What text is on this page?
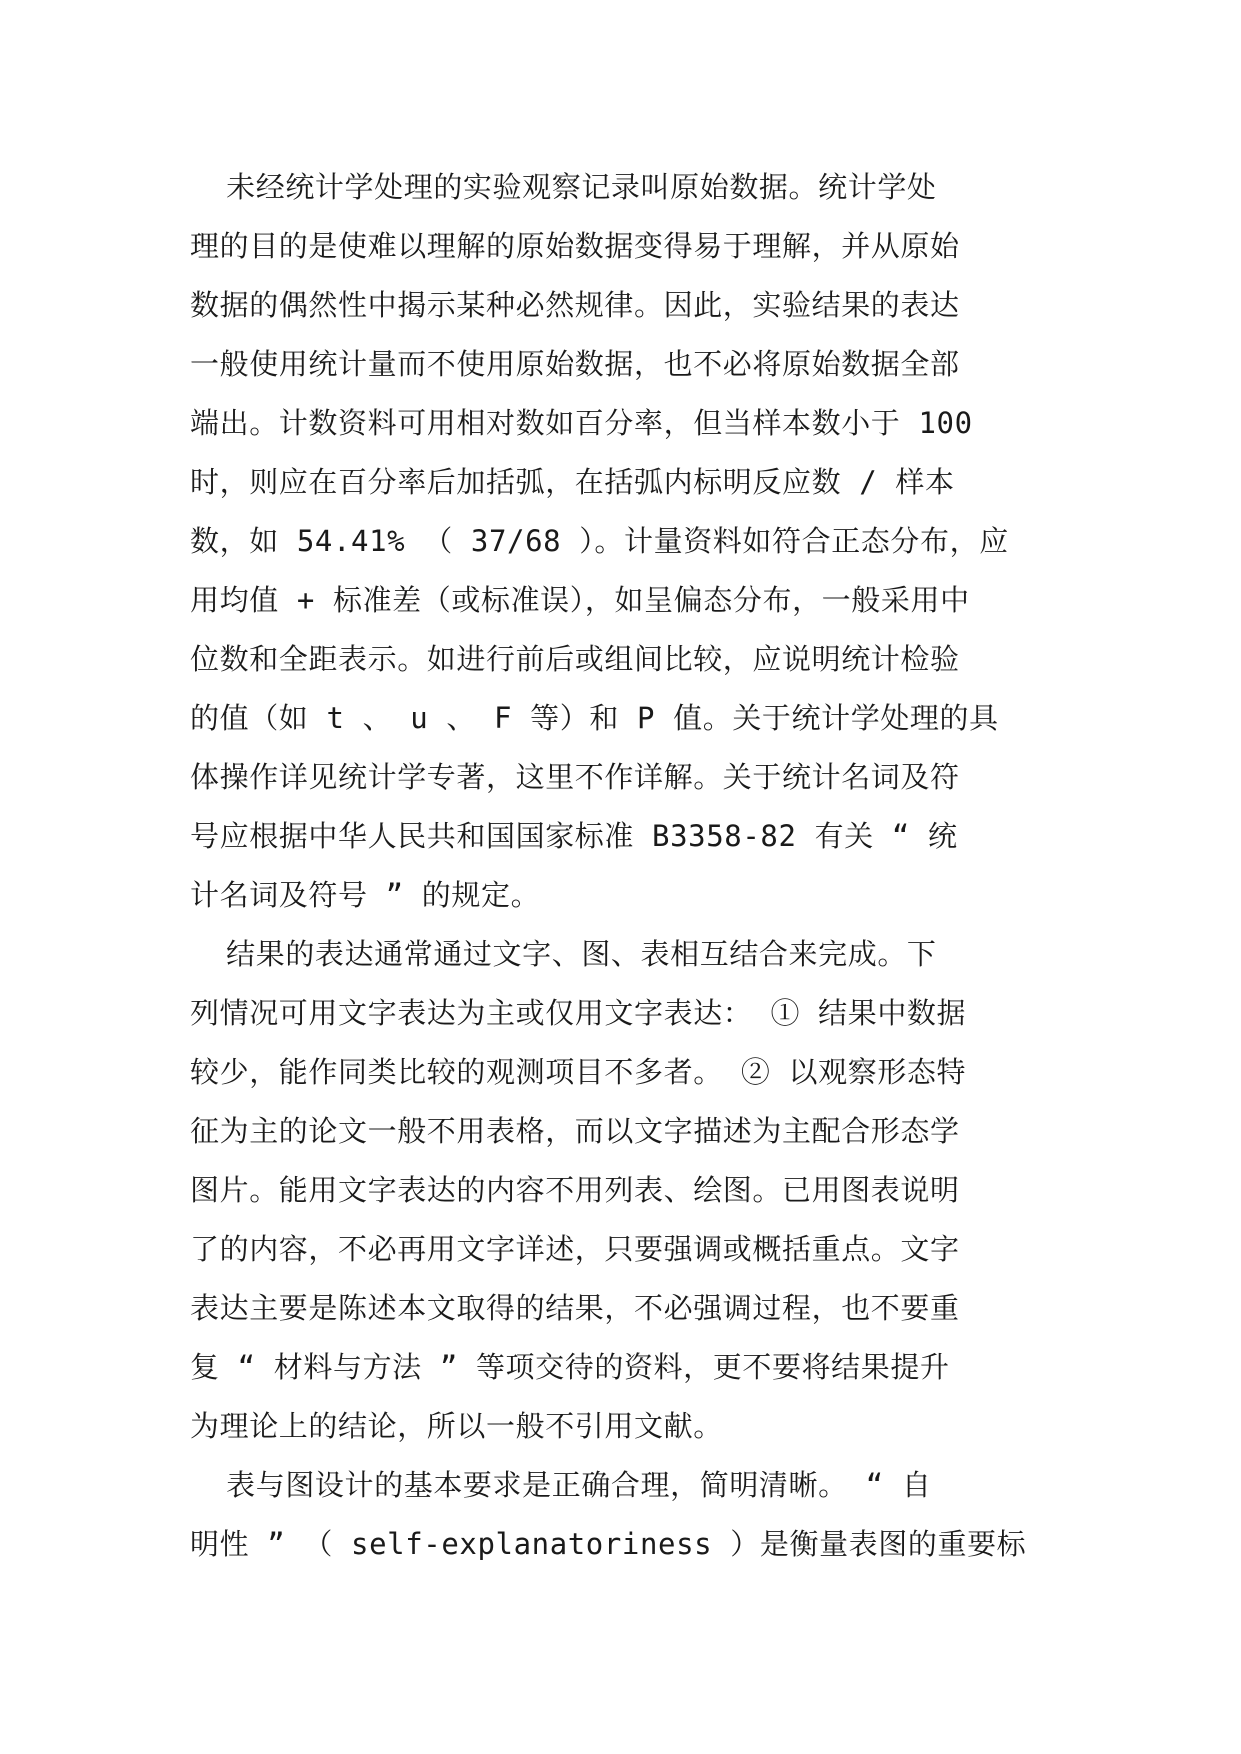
未经统计学处理的实验观察记录叫原始数据。统计学处
理的目的是使难以理解的原始数据变得易于理解，并从原始
数据的偶然性中揭示某种必然规律。因此，实验结果的表达
一般使用统计量而不使用原始数据，也不必将原始数据全部
端出。计数资料可用相对数如百分率，但当样本数小于 100
时，则应在百分率后加括弧，在括弧内标明反应数 / 样本
数，如 54.41% （ 37/68 ）。计量资料如符合正态分布，应
用均值 + 标准差（或标准误），如呈偏态分布，一般采用中
位数和全距表示。如进行前后或组间比较，应说明统计检验
的值（如 t 、 u 、 F 等）和 P 值。关于统计学处理的具
体操作详见统计学专著，这里不作详解。关于统计名词及符
号应根据中华人民共和国国家标准 B3358-82 有关 “ 统
计名词及符号 ” 的规定。
结果的表达通常通过文字、图、表相互结合来完成。下
列情况可用文字表达为主或仅用文字表达： ① 结果中数据
较少，能作同类比较的观测项目不多者。 ② 以观察形态特
征为主的论文一般不用表格，而以文字描述为主配合形态学
图片。能用文字表达的内容不用列表、绘图。已用图表说明
了的内容，不必再用文字详述，只要强调或概括重点。文字
表达主要是陈述本文取得的结果，不必强调过程，也不要重
复 “ 材料与方法 ” 等项交待的资料，更不要将结果提升
为理论上的结论，所以一般不引用文献。
表与图设计的基本要求是正确合理，简明清晰。 “ 自
明性 ” （ self-explanatoriness ）是衡量表图的重要标
